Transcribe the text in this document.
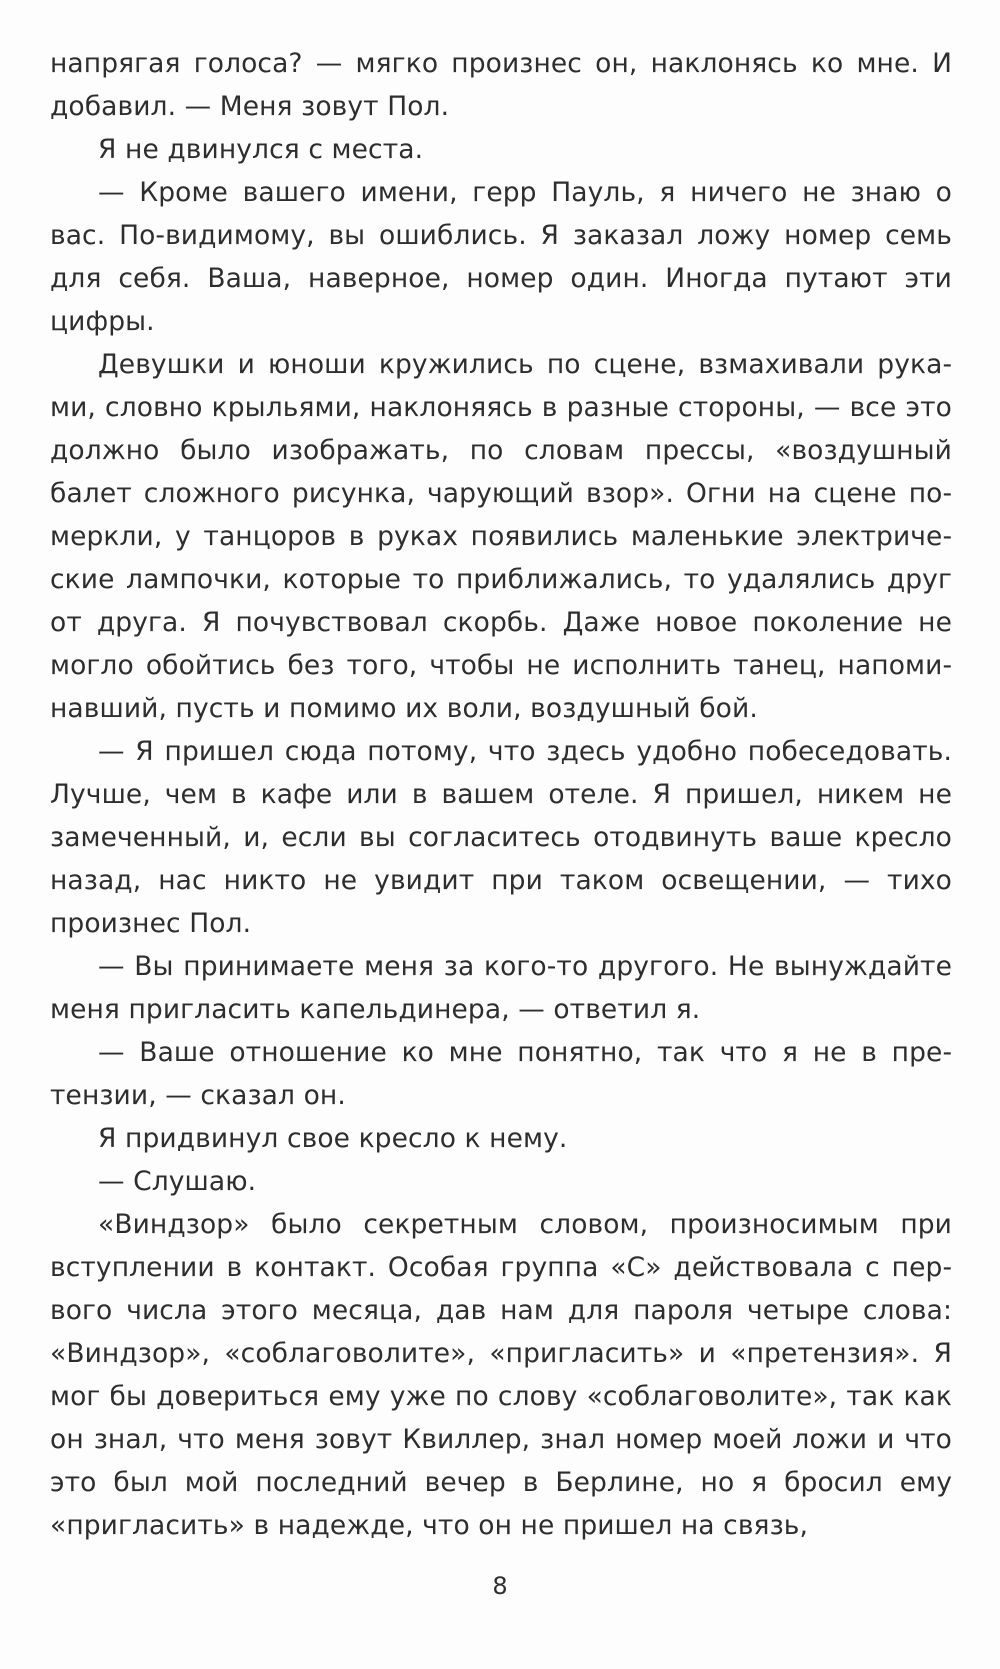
напрягая голоса? — мягко произнес он, наклонясь ко мне. И добавил. — Меня зовут Пол.

Я не двинулся с места.

— Кроме вашего имени, герр Пауль, я ничего не знаю о вас. По-видимому, вы ошиблись. Я заказал ложу номер семь для себя. Ваша, наверное, номер один. Иногда путают эти цифры.

Девушки и юноши кружились по сцене, взмахивали руками, словно крыльями, наклоняясь в разные стороны, — все это должно было изображать, по словам прессы, «воздушный балет сложного рисунка, чарующий взор». Огни на сцене померкли, у танцоров в руках появились маленькие электрические лампочки, которые то приближались, то удалялись друг от друга. Я почувствовал скорбь. Даже новое поколение не могло обойтись без того, чтобы не исполнить танец, напоминавший, пусть и помимо их воли, воздушный бой.

— Я пришел сюда потому, что здесь удобно побеседовать. Лучше, чем в кафе или в вашем отеле. Я пришел, никем не замеченный, и, если вы согласитесь отодвинуть ваше кресло назад, нас никто не увидит при таком освещении, — тихо произнес Пол.

— Вы принимаете меня за кого-то другого. Не вынуждайте меня пригласить капельдинера, — ответил я.

— Ваше отношение ко мне понятно, так что я не в претензии, — сказал он.

Я придвинул свое кресло к нему.

— Слушаю.

«Виндзор» было секретным словом, произносимым при вступлении в контакт. Особая группа «С» действовала с первого числа этого месяца, дав нам для пароля четыре слова: «Виндзор», «соблаговолите», «пригласить» и «претензия». Я мог бы довериться ему уже по слову «соблаговолите», так как он знал, что меня зовут Квиллер, знал номер моей ложи и что это был мой последний вечер в Берлине, но я бросил ему «пригласить» в надежде, что он не пришел на связь,

8
